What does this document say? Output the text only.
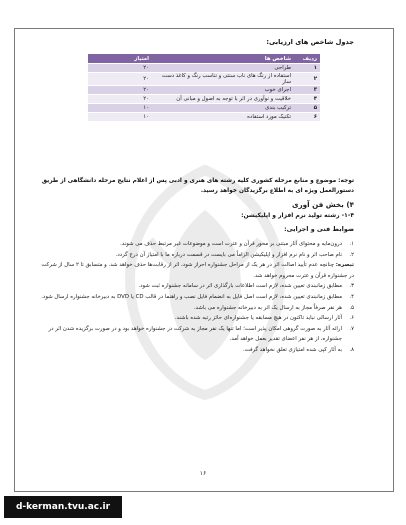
جدول شاخص های ارزیابی:
ردیف	شاخص ها	امتیاز
۱	طراحی	۲۰
۲	استفاده از رنگ های ناب سنتی و تناسب رنگ و کاغذ دست ساز	۲۰
۳	اجرای خوب	۲۰
۴	خلاقیت و نوآوری در اثر با توجه به اصول و مبانی آن	۲۰
۵	ترکیب بندی	۱۰
۶	تکنیک مورد استفاده	۱۰
توجه: موضوع و منابع مرحله کشوری کلیه رشته های هنری و ادبی پس از اعلام نتایج مرحله دانشگاهی از طریق دستورالعمل ویژه ای به اطلاع برگزیدگان خواهد رسید.
۴) بخش فن آوری
۱-۴- رشته تولید نرم افزار و اپلیکیشن:
ضوابط فنی و اجرایی:
۱.
درون‌مایه و محتوای آثار مبتنی بر محور قرآن و عترت است و موضوعات غیر مرتبط حذف می شوند.
۲.
نام صاحب اثر و نام نرم افزار و اپلیکیشن الزاماً می بایست در قسمت درباره ما با امتیاز آن درج گردد.
تبصره: چنانچه عدم تأیید اصالت اثر در هر یک از مراحل جشنواره احراز شود، اثر از رقابت‌ها حذف خواهد شد. و متسابق تا ۲ سال از شرکت در جشنواره قرآن و عترت محروم خواهد شد.
۳.
مطابق زمانبندی تعیین شده، لازم است اطلاعات بارگذاری اثر در سامانه جشنواره ثبت شود.
۴.
مطابق زمانبندی تعیین شده، لازم است اصل فایل به انضمام فایل نصب و راهنما در قالب CD یا DVD به دبیرخانه جشنواره ارسال شود.
۵.
هر نفر صرفاً مجاز به ارسال یک اثر به دبیرخانه جشنواره می باشد.
۶.
آثار ارسالی نباید تاکنون در هیچ مسابقه یا جشنواره‌ای حائز رتبه شده باشند.
۷.
ارائه آثار به صورت گروهی امکان پذیر است؛ اما تنها یک نفر مجاز به شرکت در جشنواره خواهد بود و در صورت برگزیده شدن اثر در جشنواره، از هر نفر اعضای تقدیر بعمل خواهد آمد.
۸.
به آثار کپی شده امتیازی تعلق نخواهد گرفت.
۱۶
d-kerman.tvu.ac.ir
